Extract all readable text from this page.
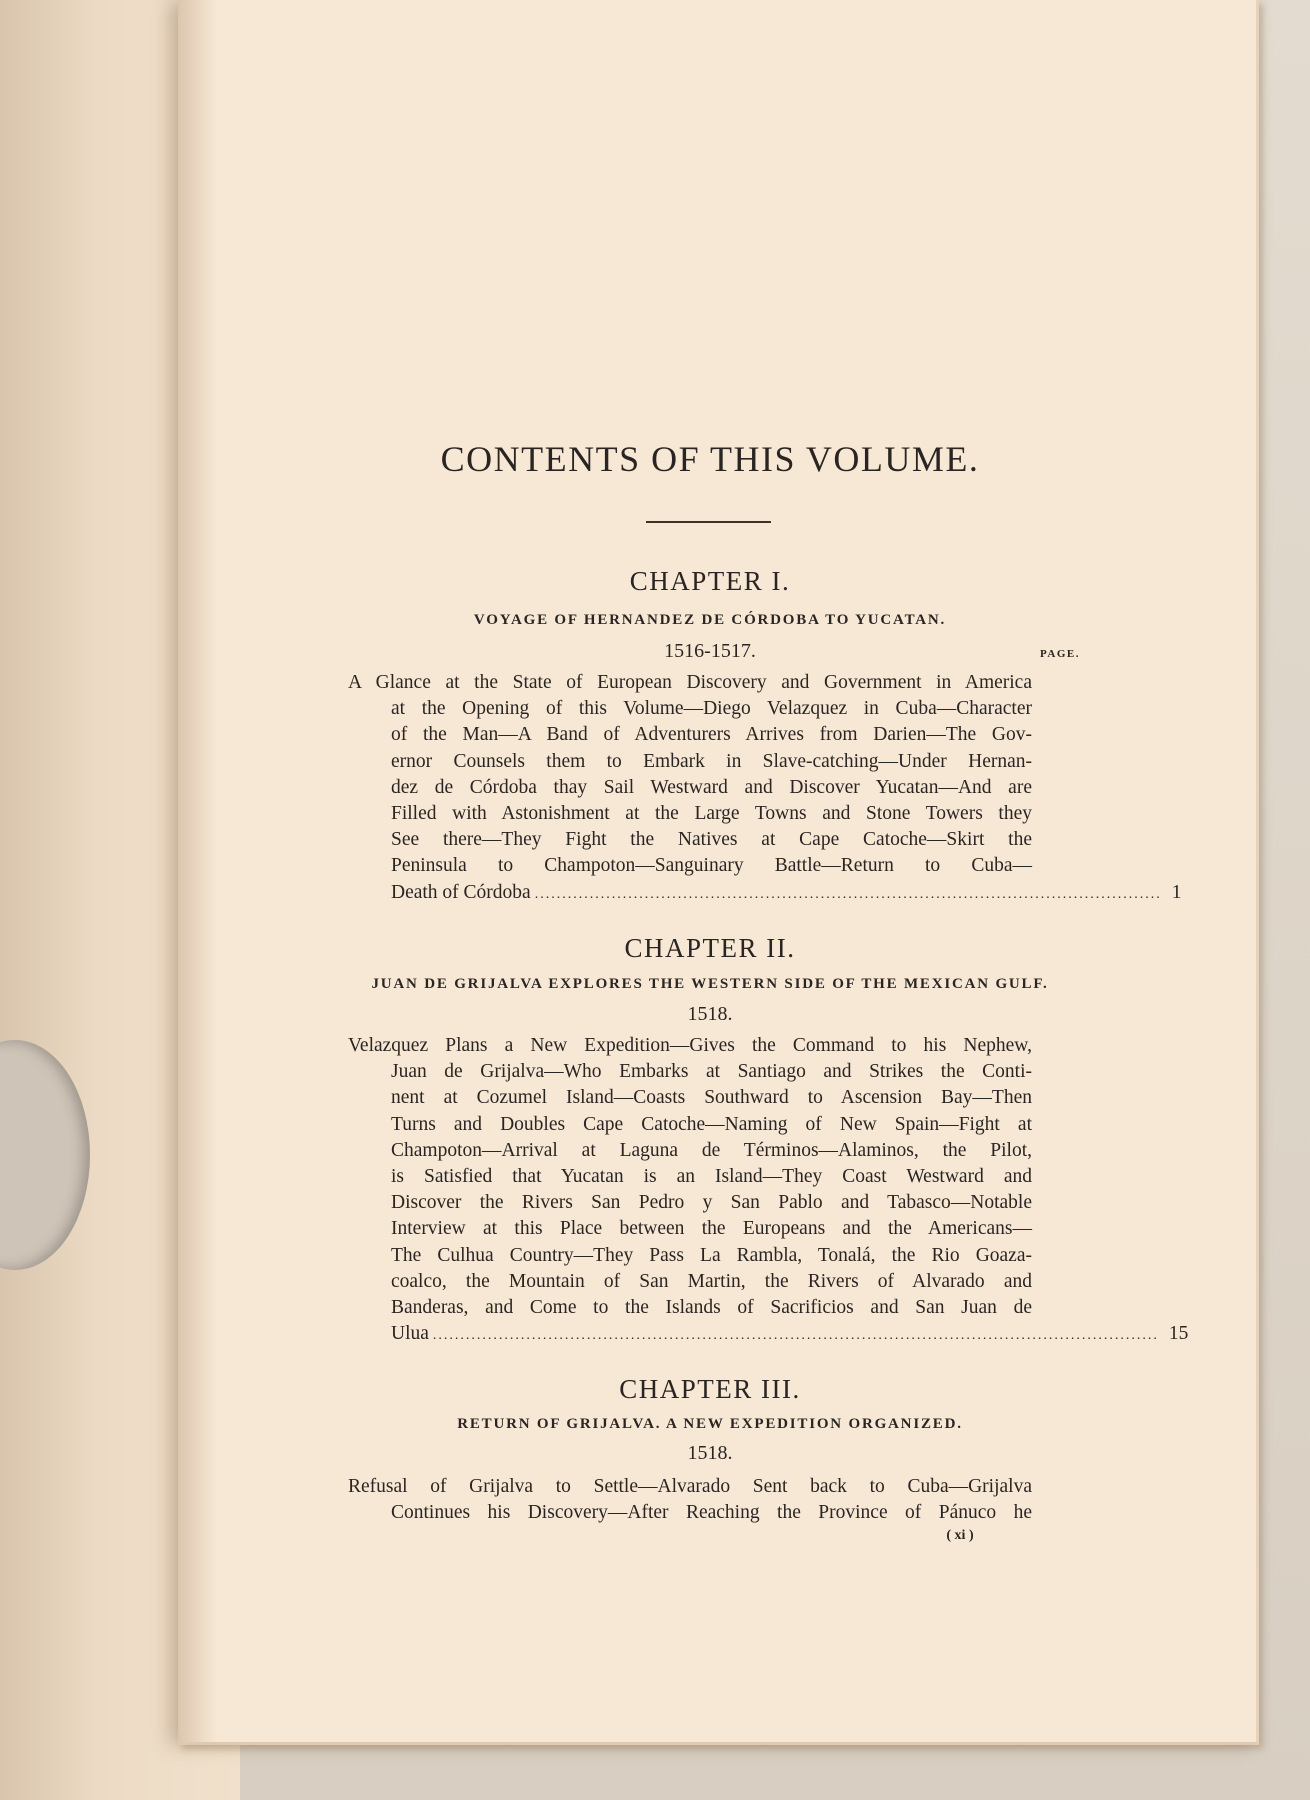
CONTENTS OF THIS VOLUME.
CHAPTER I.
VOYAGE OF HERNANDEZ DE CÓRDOBA TO YUCATAN.
1516-1517.	PAGE.
A Glance at the State of European Discovery and Government in America
at the Opening of this Volume—Diego Velazquez in Cuba—Character
of the Man—A Band of Adventurers Arrives from Darien—The Gov-
ernor Counsels them to Embark in Slave-catching—Under Hernan-
dez de Córdoba thay Sail Westward and Discover Yucatan—And are
Filled with Astonishment at the Large Towns and Stone Towers they
See there—They Fight the Natives at Cape Catoche—Skirt the
Peninsula to Champoton—Sanguinary Battle—Return to Cuba—
Death of Córdoba .................................................................................................................. 1
CHAPTER II.
JUAN DE GRIJALVA EXPLORES THE WESTERN SIDE OF THE MEXICAN GULF.
1518.
Velazquez Plans a New Expedition—Gives the Command to his Nephew,
Juan de Grijalva—Who Embarks at Santiago and Strikes the Conti-
nent at Cozumel Island—Coasts Southward to Ascension Bay—Then
Turns and Doubles Cape Catoche—Naming of New Spain—Fight at
Champoton—Arrival at Laguna de Términos—Alaminos, the Pilot,
is Satisfied that Yucatan is an Island—They Coast Westward and
Discover the Rivers San Pedro y San Pablo and Tabasco—Notable
Interview at this Place between the Europeans and the Americans—
The Culhua Country—They Pass La Rambla, Tonalá, the Rio Goaza-
coalco, the Mountain of San Martin, the Rivers of Alvarado and
Banderas, and Come to the Islands of Sacrificios and San Juan de
Ulua .................................................................................................................................... 15
CHAPTER III.
RETURN OF GRIJALVA. A NEW EXPEDITION ORGANIZED.
1518.
Refusal of Grijalva to Settle—Alvarado Sent back to Cuba—Grijalva
Continues his Discovery—After Reaching the Province of Pánuco he
( xi )
